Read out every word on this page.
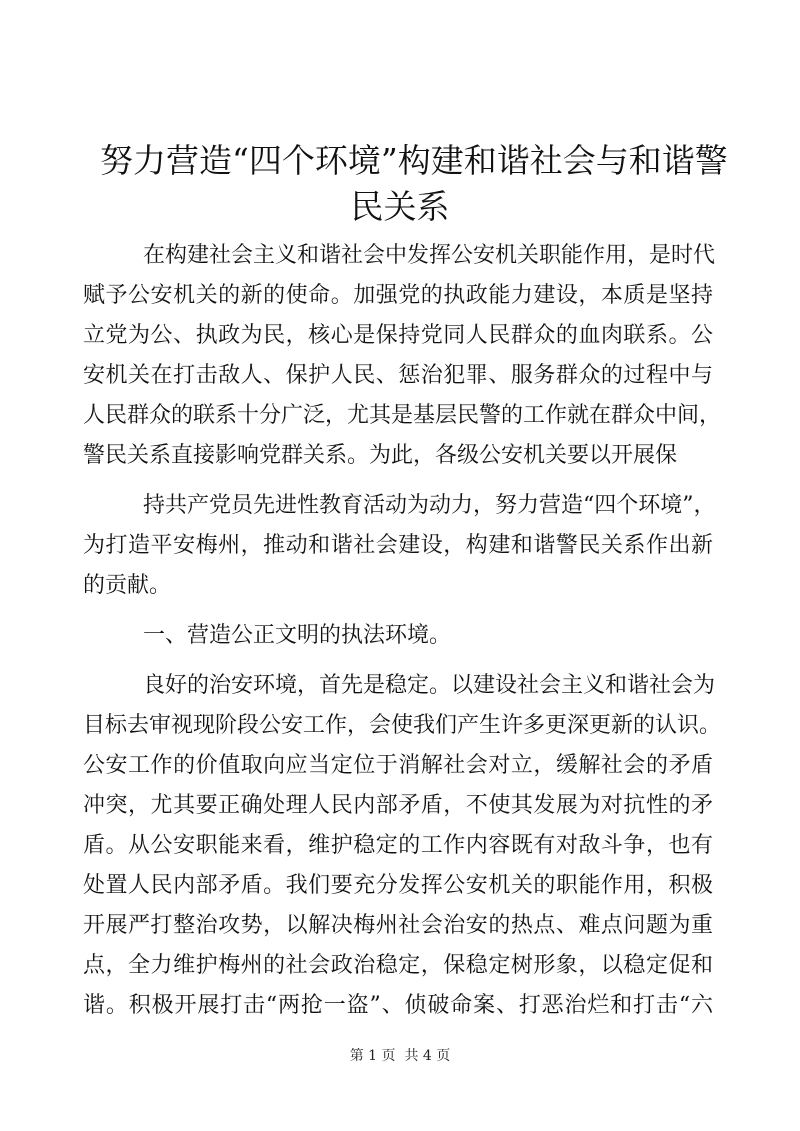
努力营造“四个环境”构建和谐社会与和谐警
民关系

在构建社会主义和谐社会中发挥公安机关职能作用，是时代
赋予公安机关的新的使命。加强党的执政能力建设，本质是坚持
立党为公、执政为民，核心是保持党同人民群众的血肉联系。公
安机关在打击敌人、保护人民、惩治犯罪、服务群众的过程中与
人民群众的联系十分广泛，尤其是基层民警的工作就在群众中间，
警民关系直接影响党群关系。为此，各级公安机关要以开展保

持共产党员先进性教育活动为动力，努力营造“四个环境”，
为打造平安梅州，推动和谐社会建设，构建和谐警民关系作出新
的贡献。

一、营造公正文明的执法环境。

良好的治安环境，首先是稳定。以建设社会主义和谐社会为
目标去审视现阶段公安工作，会使我们产生许多更深更新的认识。
公安工作的价值取向应当定位于消解社会对立，缓解社会的矛盾
冲突，尤其要正确处理人民内部矛盾，不使其发展为对抗性的矛
盾。从公安职能来看，维护稳定的工作内容既有对敌斗争，也有
处置人民内部矛盾。我们要充分发挥公安机关的职能作用，积极
开展严打整治攻势，以解决梅州社会治安的热点、难点问题为重
点，全力维护梅州的社会政治稳定，保稳定树形象，以稳定促和
谐。积极开展打击“两抢一盗”、侦破命案、打恶治烂和打击“六

第 1 页  共 4 页
